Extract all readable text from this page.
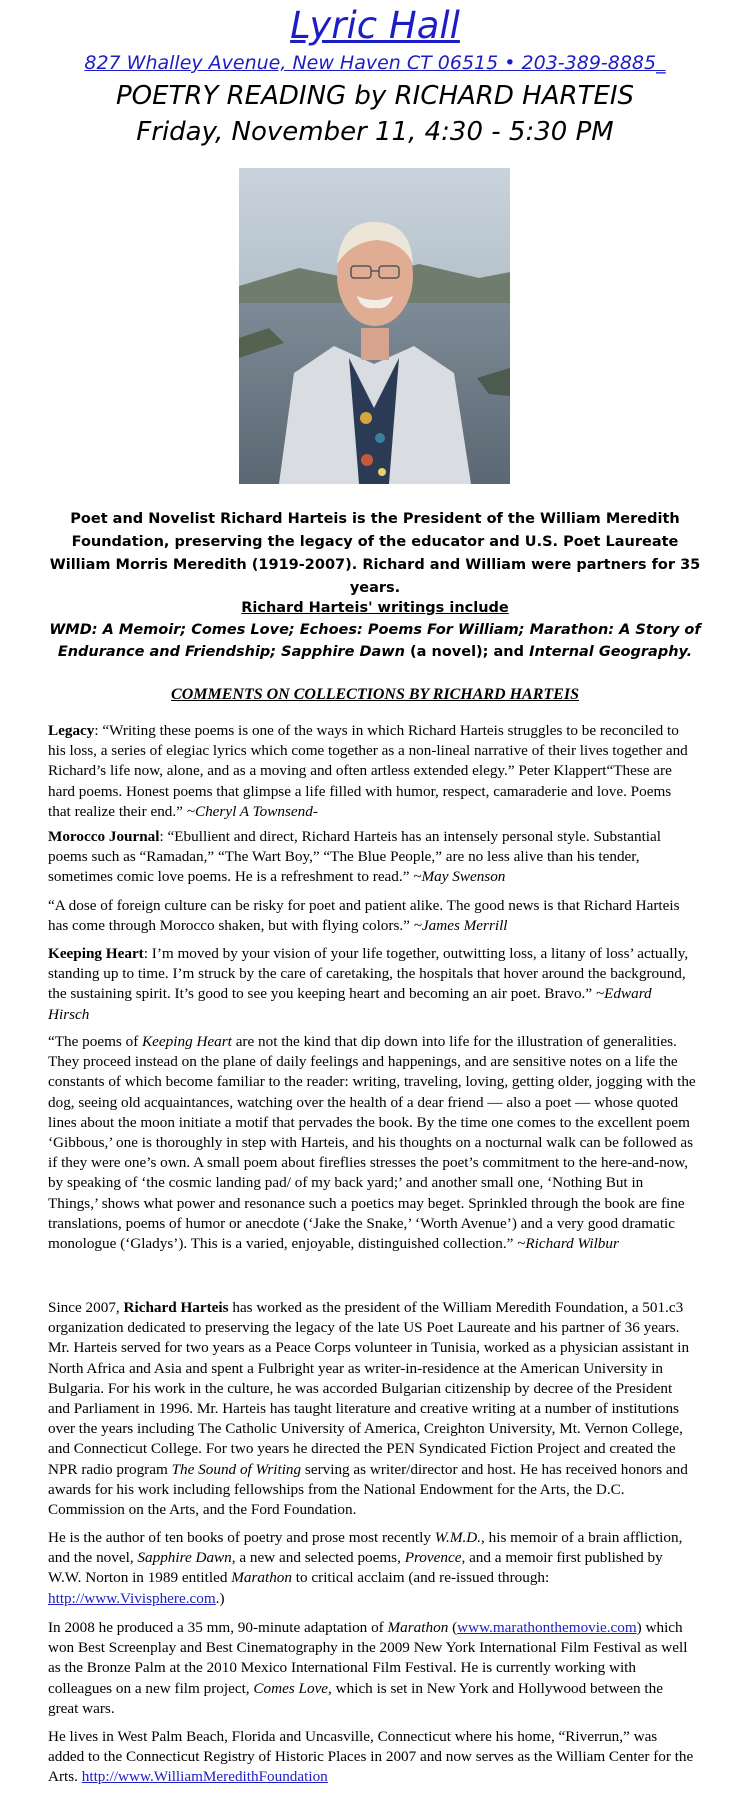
Lyric Hall
827 Whalley Avenue, New Haven CT 06515 • 203-389-8885_
POETRY READING by RICHARD HARTEIS
Friday, November 11, 4:30 - 5:30 PM
Poet and Novelist Richard Harteis is the President of the William Meredith Foundation, preserving the legacy of the educator and U.S. Poet Laureate William Morris Meredith (1919-2007). Richard and William were partners for 35 years.
Richard Harteis' writings include
WMD: A Memoir; Comes Love; Echoes: Poems For William; Marathon: A Story of Endurance and Friendship; Sapphire Dawn (a novel); and Internal Geography.
COMMENTS ON COLLECTIONS BY RICHARD HARTEIS

Legacy: “Writing these poems is one of the ways in which Richard Harteis struggles to be reconciled to his loss, a series of elegiac lyrics which come together as a non-lineal narrative of their lives together and Richard’s life now, alone, and as a moving and often artless extended elegy.” Peter Klappert“These are hard poems. Honest poems that glimpse a life filled with humor, respect, camaraderie and love. Poems that realize their end.” ~Cheryl A Townsend-

Morocco Journal: “Ebullient and direct, Richard Harteis has an intensely personal style. Substantial poems such as “Ramadan,” “The Wart Boy,” “The Blue People,” are no less alive than his tender, sometimes comic love poems. He is a refreshment to read.” ~May Swenson

“A dose of foreign culture can be risky for poet and patient alike. The good news is that Richard Harteis has come through Morocco shaken, but with flying colors.” ~James Merrill

Keeping Heart: I’m moved by your vision of your life together, outwitting loss, a litany of loss’ actually, standing up to time. I’m struck by the care of caretaking, the hospitals that hover around the background, the sustaining spirit. It’s good to see you keeping heart and becoming an air poet. Bravo.” ~Edward Hirsch

“The poems of Keeping Heart are not the kind that dip down into life for the illustration of generalities. They proceed instead on the plane of daily feelings and happenings, and are sensitive notes on a life the constants of which become familiar to the reader: writing, traveling, loving, getting older, jogging with the dog, seeing old acquaintances, watching over the health of a dear friend — also a poet — whose quoted lines about the moon initiate a motif that pervades the book. By the time one comes to the excellent poem ‘Gibbous,’ one is thoroughly in step with Harteis, and his thoughts on a nocturnal walk can be followed as if they were one’s own. A small poem about fireflies stresses the poet’s commitment to the here-and-now, by speaking of ‘the cosmic landing pad/ of my back yard;’ and another small one, ‘Nothing But in Things,’ shows what power and resonance such a poetics may beget. Sprinkled through the book are fine translations, poems of humor or anecdote (‘Jake the Snake,’ ‘Worth Avenue’) and a very good dramatic monologue (‘Gladys’). This is a varied, enjoyable, distinguished collection.” ~Richard Wilbur

Since 2007, Richard Harteis has worked as the president of the William Meredith Foundation, a 501.c3 organization dedicated to preserving the legacy of the late US Poet Laureate and his partner of 36 years. Mr. Harteis served for two years as a Peace Corps volunteer in Tunisia, worked as a physician assistant in North Africa and Asia and spent a Fulbright year as writer-in-residence at the American University in Bulgaria. For his work in the culture, he was accorded Bulgarian citizenship by decree of the President and Parliament in 1996. Mr. Harteis has taught literature and creative writing at a number of institutions over the years including The Catholic University of America, Creighton University, Mt. Vernon College, and Connecticut College. For two years he directed the PEN Syndicated Fiction Project and created the NPR radio program The Sound of Writing serving as writer/director and host. He has received honors and awards for his work including fellowships from the National Endowment for the Arts, the D.C. Commission on the Arts, and the Ford Foundation.

He is the author of ten books of poetry and prose most recently W.M.D., his memoir of a brain affliction, and the novel, Sapphire Dawn, a new and selected poems, Provence, and a memoir first published by W.W. Norton in 1989 entitled Marathon to critical acclaim (and re-issued through: http://www.Vivisphere.com.)

In 2008 he produced a 35 mm, 90-minute adaptation of Marathon (www.marathonthemovie.com) which won Best Screenplay and Best Cinematography in the 2009 New York International Film Festival as well as the Bronze Palm at the 2010 Mexico International Film Festival. He is currently working with colleagues on a new film project, Comes Love, which is set in New York and Hollywood between the great wars.

He lives in West Palm Beach, Florida and Uncasville, Connecticut where his home, “Riverrun,” was added to the Connecticut Registry of Historic Places in 2007 and now serves as the William Center for the Arts. http://www.WilliamMeredithFoundation
